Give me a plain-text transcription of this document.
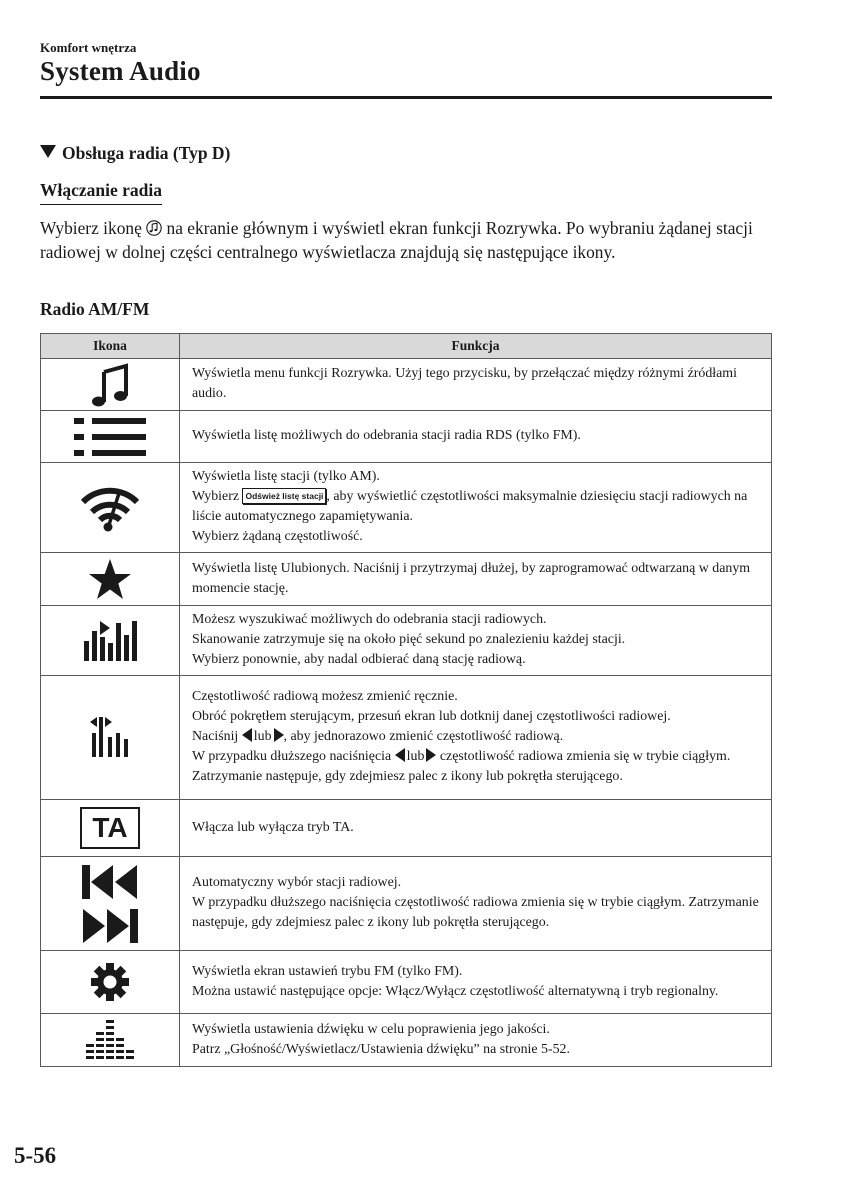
Komfort wnętrza
System Audio
Obsługa radia (Typ D)
Włączanie radia
Wybierz ikonę na ekranie głównym i wyświetl ekran funkcji Rozrywka. Po wybraniu żądanej stacji radiowej w dolnej części centralnego wyświetlacza znajdują się następujące ikony.
Radio AM/FM
Ikona	Funkcja

Wyświetla menu funkcji Rozrywka. Użyj tego przycisku, by przełączać między różnymi źródłami audio.

Wyświetla listę możliwych do odebrania stacji radia RDS (tylko FM).

Wyświetla listę stacji (tylko AM).
Wybierz Odśwież listę stacji , aby wyświetlić częstotliwości maksymalnie dziesięciu stacji radiowych na liście automatycznego zapamiętywania.
Wybierz żądaną częstotliwość.

Wyświetla listę Ulubionych. Naciśnij i przytrzymaj dłużej, by zaprogramować odtwarzaną w danym momencie stację.

Możesz wyszukiwać możliwych do odebrania stacji radiowych.
Skanowanie zatrzymuje się na około pięć sekund po znalezieniu każdej stacji.
Wybierz ponownie, aby nadal odbierać daną stację radiową.

Częstotliwość radiową możesz zmienić ręcznie.
Obróć pokrętłem sterującym, przesuń ekran lub dotknij danej częstotliwości radiowej.
Naciśnij lub , aby jednorazowo zmienić częstotliwość radiową.
W przypadku dłuższego naciśnięcia lub częstotliwość radiowa zmienia się w trybie ciągłym. Zatrzymanie następuje, gdy zdejmiesz palec z ikony lub pokrętła sterującego.

TA	Włącza lub wyłącza tryb TA.

Automatyczny wybór stacji radiowej.
W przypadku dłuższego naciśnięcia częstotliwość radiowa zmienia się w trybie ciągłym. Zatrzymanie następuje, gdy zdejmiesz palec z ikony lub pokrętła sterującego.

Wyświetla ekran ustawień trybu FM (tylko FM).
Można ustawić następujące opcje: Włącz/Wyłącz częstotliwość alternatywną i tryb regionalny.

Wyświetla ustawienia dźwięku w celu poprawienia jego jakości.
Patrz „Głośność/Wyświetlacz/Ustawienia dźwięku” na stronie 5-52.
5-56
